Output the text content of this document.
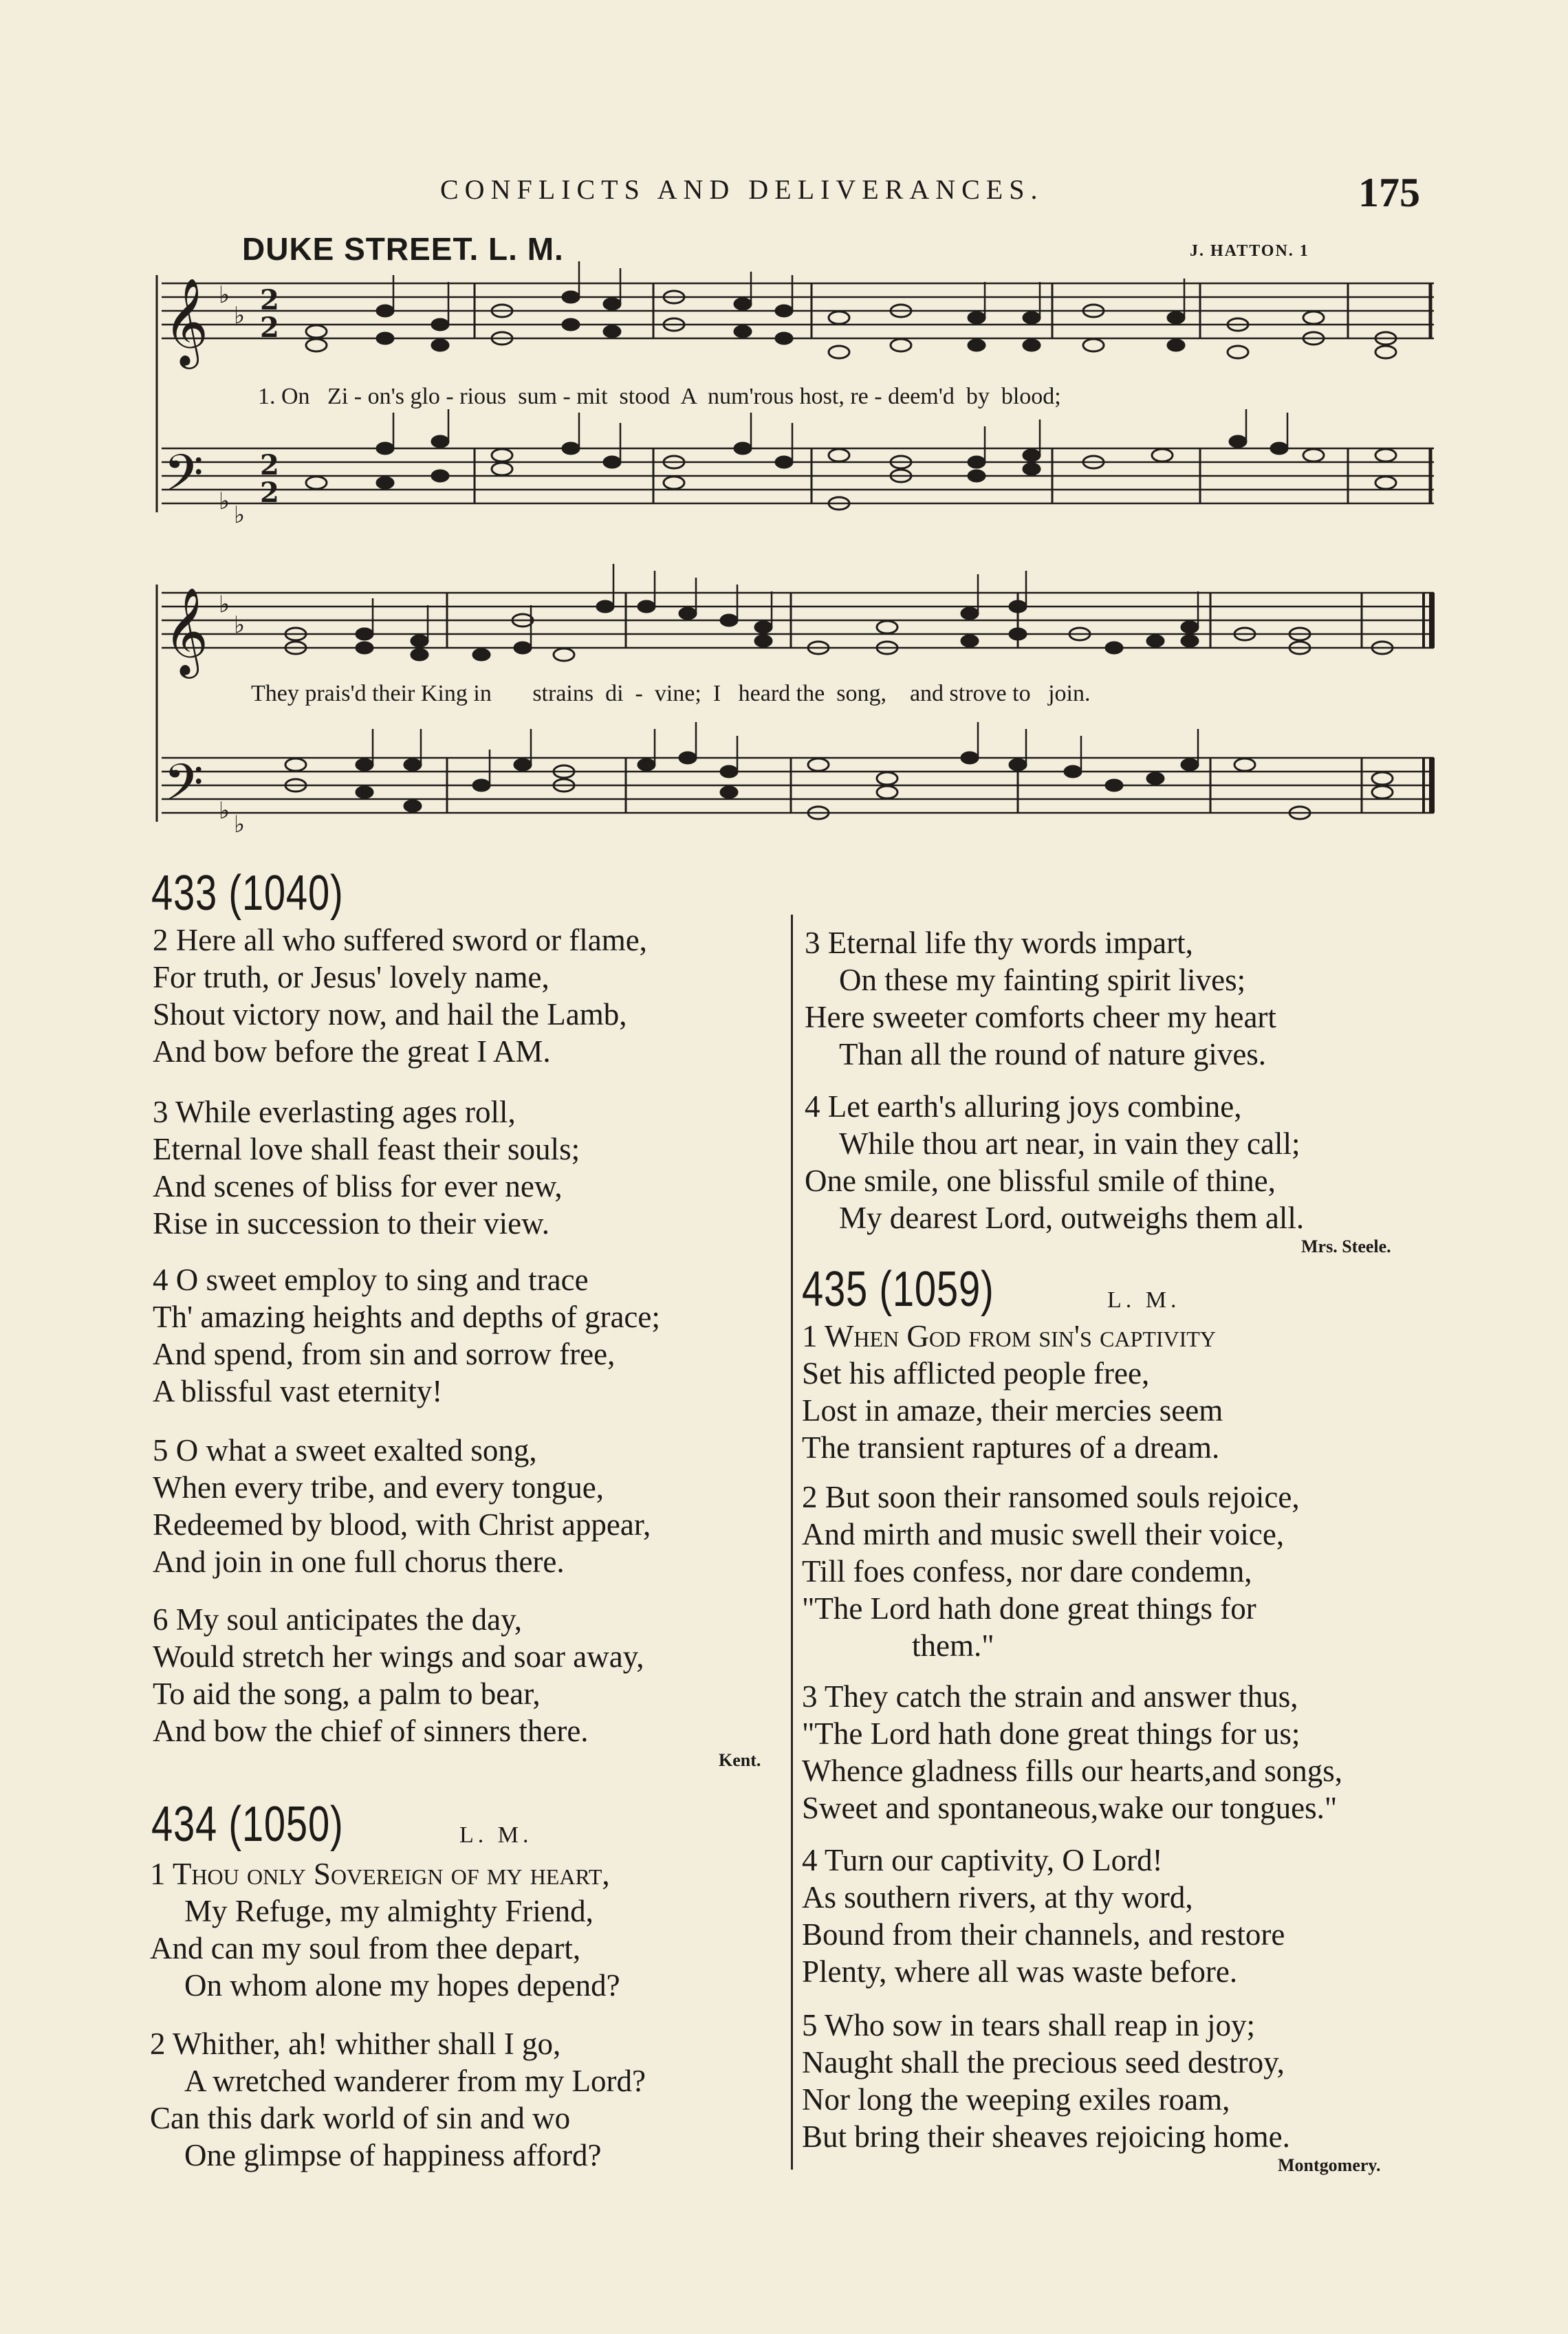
CONFLICTS AND DELIVERANCES.	175
DUKE STREET. L. M.	J. HATTON. 1
𝄞
𝄞
𝄢
𝄢
♭
♭
♭
♭
♭ ♭
♭ ♭
2
2
2
2
1. On   Zi - on's glo - rious  sum - mit  stood  A  num'rous host, re - deem'd  by  blood;
They prais'd their King in       strains  di  -  vine;  I   heard the  song,    and strove to   join.
433 (1040)
2 Here all who suffered sword or flame,
For truth, or Jesus' lovely name,
Shout victory now, and hail the Lamb,
And bow before the great I AM.
3 While everlasting ages roll,
Eternal love shall feast their souls;
And scenes of bliss for ever new,
Rise in succession to their view.
4 O sweet employ to sing and trace
Th' amazing heights and depths of grace;
And spend, from sin and sorrow free,
A blissful vast eternity!
5 O what a sweet exalted song,
When every tribe, and every tongue,
Redeemed by blood, with Christ appear,
And join in one full chorus there.
6 My soul anticipates the day,
Would stretch her wings and soar away,
To aid the song, a palm to bear,
And bow the chief of sinners there.
Kent.
434 (1050)	L. M.
1 Thou only Sovereign of my heart,
My Refuge, my almighty Friend,
And can my soul from thee depart,
On whom alone my hopes depend?
2 Whither, ah! whither shall I go,
A wretched wanderer from my Lord?
Can this dark world of sin and wo
One glimpse of happiness afford?
3 Eternal life thy words impart,
On these my fainting spirit lives;
Here sweeter comforts cheer my heart
Than all the round of nature gives.
4 Let earth's alluring joys combine,
While thou art near, in vain they call;
One smile, one blissful smile of thine,
My dearest Lord, outweighs them all.
Mrs. Steele.
435 (1059)	L. M.
1 When God from sin's captivity
Set his afflicted people free,
Lost in amaze, their mercies seem
The transient raptures of a dream.
2 But soon their ransomed souls rejoice,
And mirth and music swell their voice,
Till foes confess, nor dare condemn,
"The Lord hath done great things for
them."
3 They catch the strain and answer thus,
"The Lord hath done great things for us;
Whence gladness fills our hearts,and songs,
Sweet and spontaneous,wake our tongues."
4 Turn our captivity, O Lord!
As southern rivers, at thy word,
Bound from their channels, and restore
Plenty, where all was waste before.
5 Who sow in tears shall reap in joy;
Naught shall the precious seed destroy,
Nor long the weeping exiles roam,
But bring their sheaves rejoicing home.
Montgomery.
